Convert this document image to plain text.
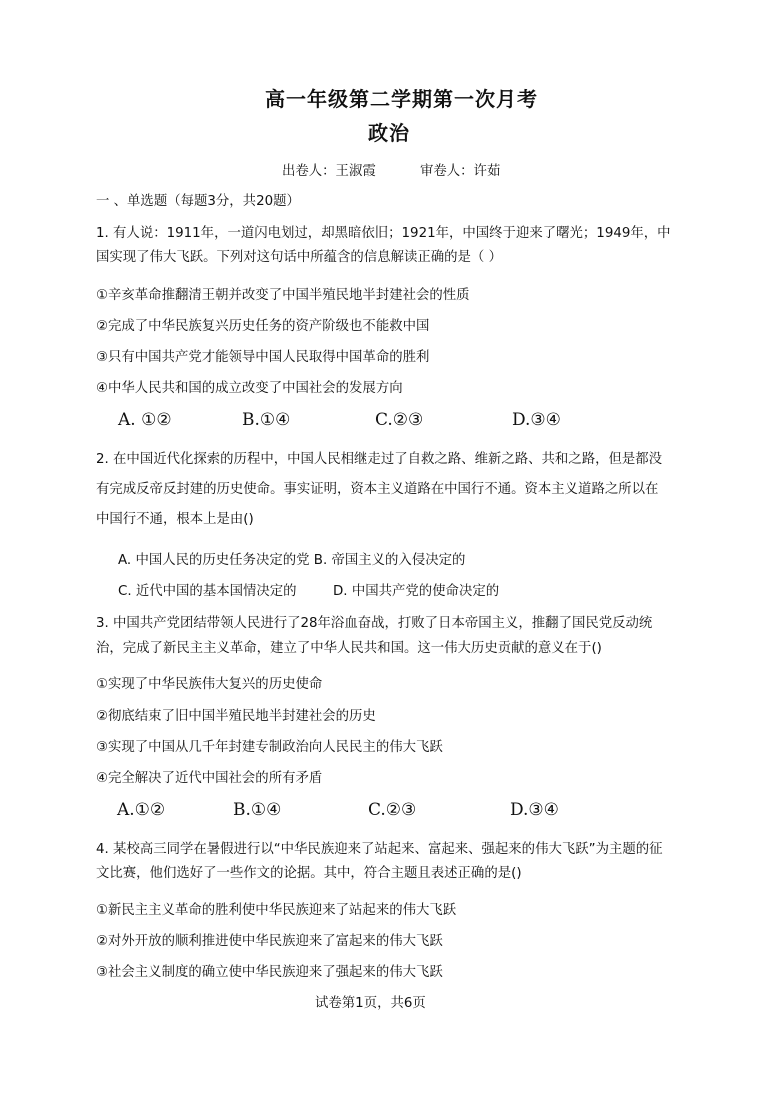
高一年级第二学期第一次月考
政治
出卷人：王淑霞	审卷人：许茹
一 、单选题（每题3分，共20题）
1. 有人说：1911年，一道闪电划过，却黑暗依旧；1921年，中国终于迎来了曙光；1949年，中
国实现了伟大飞跃。下列对这句话中所蕴含的信息解读正确的是（ ）
①辛亥革命推翻清王朝并改变了中国半殖民地半封建社会的性质
②完成了中华民族复兴历史任务的资产阶级也不能救中国
③只有中国共产党才能领导中国人民取得中国革命的胜利
④中华人民共和国的成立改变了中国社会的发展方向
A. ①②	B.①④	C.②③	D.③④
2. 在中国近代化探索的历程中，中国人民相继走过了自救之路、维新之路、共和之路，但是都没
有完成反帝反封建的历史使命。事实证明，资本主义道路在中国行不通。资本主义道路之所以在
中国行不通，根本上是由()
A. 中国人民的历史任务决定的党 B. 帝国主义的入侵决定的
C. 近代中国的基本国情决定的	D. 中国共产党的使命决定的
3. 中国共产党团结带领人民进行了28年浴血奋战，打败了日本帝国主义，推翻了国民党反动统
治，完成了新民主主义革命，建立了中华人民共和国。这一伟大历史贡献的意义在于()
①实现了中华民族伟大复兴的历史使命
②彻底结束了旧中国半殖民地半封建社会的历史
③实现了中国从几千年封建专制政治向人民民主的伟大飞跃
④完全解决了近代中国社会的所有矛盾
A.①②	B.①④	C.②③	D.③④
4. 某校高三同学在暑假进行以“中华民族迎来了站起来、富起来、强起来的伟大飞跃”为主题的征
文比赛，他们选好了一些作文的论据。其中，符合主题且表述正确的是()
①新民主主义革命的胜利使中华民族迎来了站起来的伟大飞跃
②对外开放的顺利推进使中华民族迎来了富起来的伟大飞跃
③社会主义制度的确立使中华民族迎来了强起来的伟大飞跃
试卷第1页，共6页
